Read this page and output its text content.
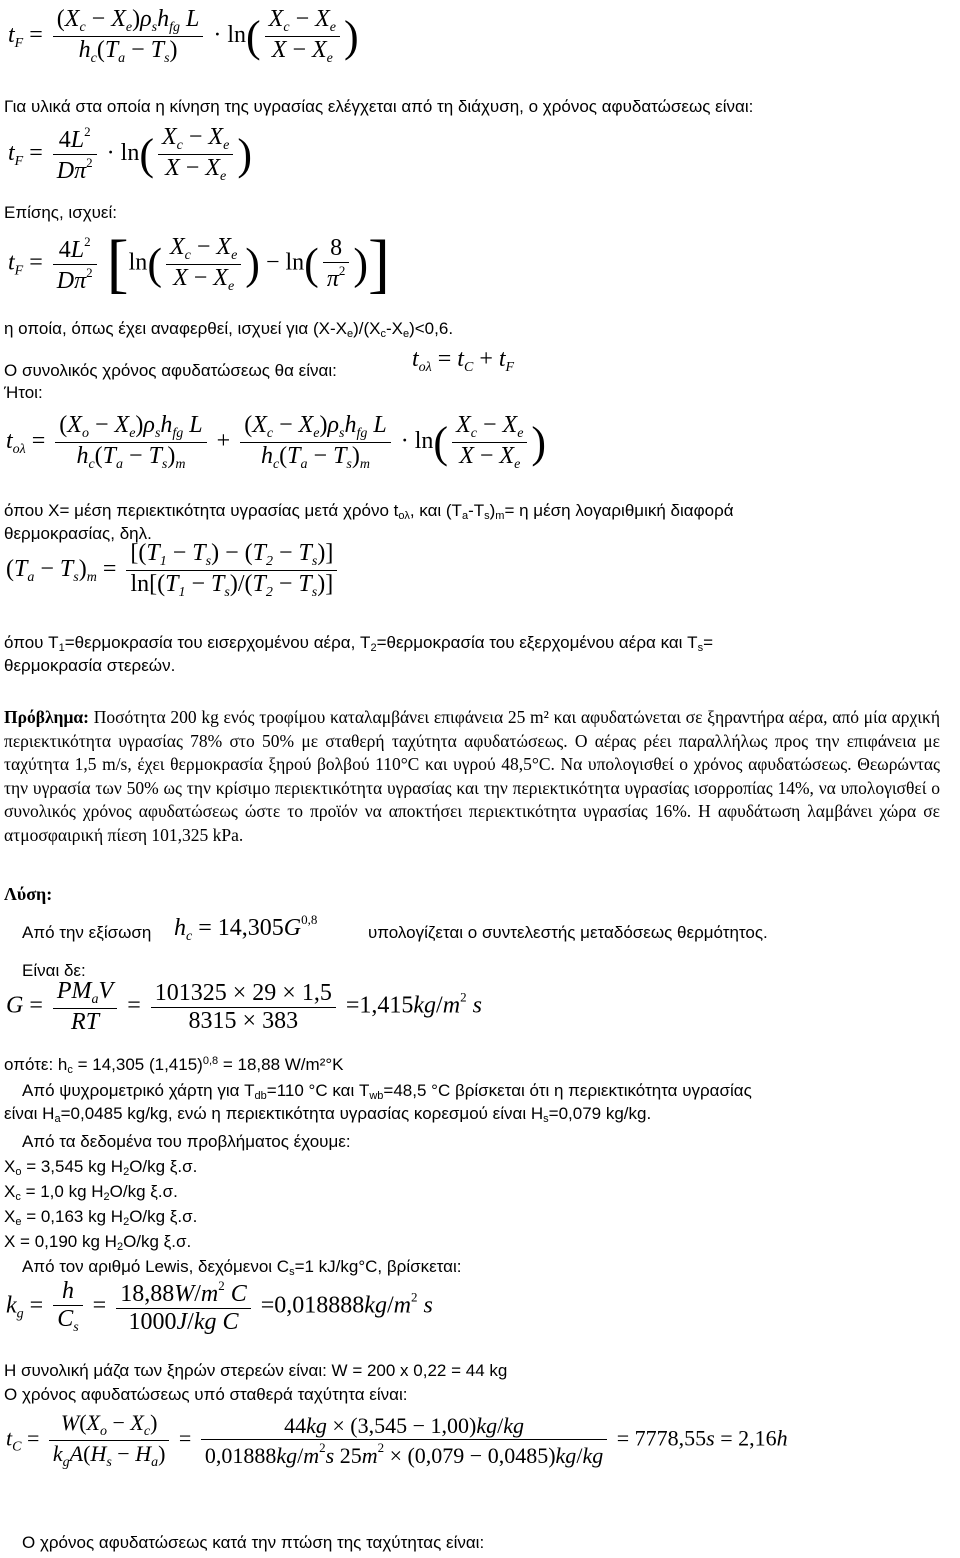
$t_F = \frac{(X_c - X_e)\rho_sh_{fg} L}{h_c(T_a - T_s)} \cdot \ln( \frac{X_c - X_e}{X - X_e}$ )
Για υλικά στα οποία η κίνηση της υγρασίας ελέγχεται από τη διάχυση, ο χρόνος αφυδατώσεως είναι:
$t_F = \frac{4L^2}{D\pi^2} \cdot \ln( \frac{X_c - X_e}{X - X_e}$ )
Επίσης, ισχυεί:
$t_F = \frac{4L^2}{D\pi^2} [\ln( \frac{X_c - X_e}{X - X_e}$ ) − $\ln( \frac{8}{\pi^2}$ )]
η οποία, όπως έχει αναφερθεί, ισχυεί για (X-Xe)/(Xc-Xe)<0,6.
Ο συνολικός χρόνος αφυδατώσεως θα είναι:	$t_{o\lambda} = t_C + t_F$
Ήτοι:
$t_{o\lambda} = \frac{(X_o - X_e)\rho_sh_{fg} L}{h_c(T_a - T_s)_m} + \frac{(X_c - X_e)\rho_sh_{fg} L}{h_c(T_a - T_s)_m} \cdot \ln( \frac{X_c - X_e}{X - X_e}$ )
όπου X= μέση περιεκτικότητα υγρασίας μετά χρόνο tολ, και (Ta-Ts)m= η μέση λογαριθμική διαφορά
θερμοκρασίας, δηλ.
$(T_a - T_s)_m = \frac{[(T_1 - T_s) - (T_2 - T_s)]}{\ln[(T_1 - T_s)/(T_2 - T_s)]}$
όπου T1=θερμοκρασία του εισερχομένου αέρα, T2=θερμοκρασία του εξερχομένου αέρα και Ts=
θερμοκρασία στερεών.
Πρόβλημα: Ποσότητα 200 kg ενός τροφίμου καταλαμβάνει επιφάνεια 25 m² και αφυδατώνεται σε ξηραντήρα αέρα, από μία αρχική περιεκτικότητα υγρασίας 78% στο 50% με σταθερή ταχύτητα αφυδατώσεως. Ο αέρας ρέει παραλλήλως προς την επιφάνεια με ταχύτητα 1,5 m/s, έχει θερμοκρασία ξηρού βολβού 110°C και υγρού 48,5°C. Να υπολογισθεί ο χρόνος αφυδατώσεως. Θεωρώντας την υγρασία των 50% ως την κρίσιμο περιεκτικότητα υγρασίας και την περιεκτικότητα υγρασίας ισορροπίας 14%, να υπολογισθεί ο συνολικός χρόνος αφυδατώσεως ώστε το προϊόν να αποκτήσει περιεκτικότητα υγρασίας 16%. Η αφυδάτωση λαμβάνει χώρα σε ατμοσφαιρική πίεση 101,325 kPa.
Λύση:
Από την εξίσωση $h_c = 14,305G^{0,8}$
υπολογίζεται ο συντελεστής μεταδόσεως θερμότητος.
Είναι δε:
$G = \frac{PM_aV}{RT} = \frac{101325 \times 29 \times 1,5}{8315 \times 383} =1,415kg/m^2$ s
οπότε: hc = 14,305 $(1,415)^{0,8} = 18,88$ W/m²°K
Από ψυχρομετρικό χάρτη για Tdb=110 °C και Twb=48,5 °C βρίσκεται ότι η περιεκτικότητα υγρασίας
είναι Ha=0,0485 kg/kg, ενώ η περιεκτικότητα υγρασίας κορεσμού είναι Hs=0,079 kg/kg.
Από τα δεδομένα του προβλήματος έχουμε:
Xo = 3,545 kg H2O/kg ξ.σ.
Xc = 1,0 kg H2O/kg ξ.σ.
Xe = 0,163 kg H2O/kg ξ.σ.
X = 0,190 kg H2O/kg ξ.σ.
Από τον αριθμό Lewis, δεχόμενοι Cs=1 kJ/kg°C, βρίσκεται:
$k_g = \frac{h}{C_s} = \frac{18,88W/m^2 C}{\text{1000J/kg C}} =0,018888kg/m^2$ s
Η συνολική μάζα των ξηρών στερεών είναι: W = 200 x 0,22 = 44 kg
Ο χρόνος αφυδατώσεως υπό σταθερά ταχύτητα είναι:
$t_C = \frac{W(X_o - X_c)}{k_gA(H_s - H_a)} = \frac{44kg \times (3,545 - 1,00)kg/kg}{0,01888kg/m^2s 25m^2 \times (0,079 - 0,0485)kg/kg} = 7778,55s = 2,16h$
Ο χρόνος αφυδατώσεως κατά την πτώση της ταχύτητας είναι:
